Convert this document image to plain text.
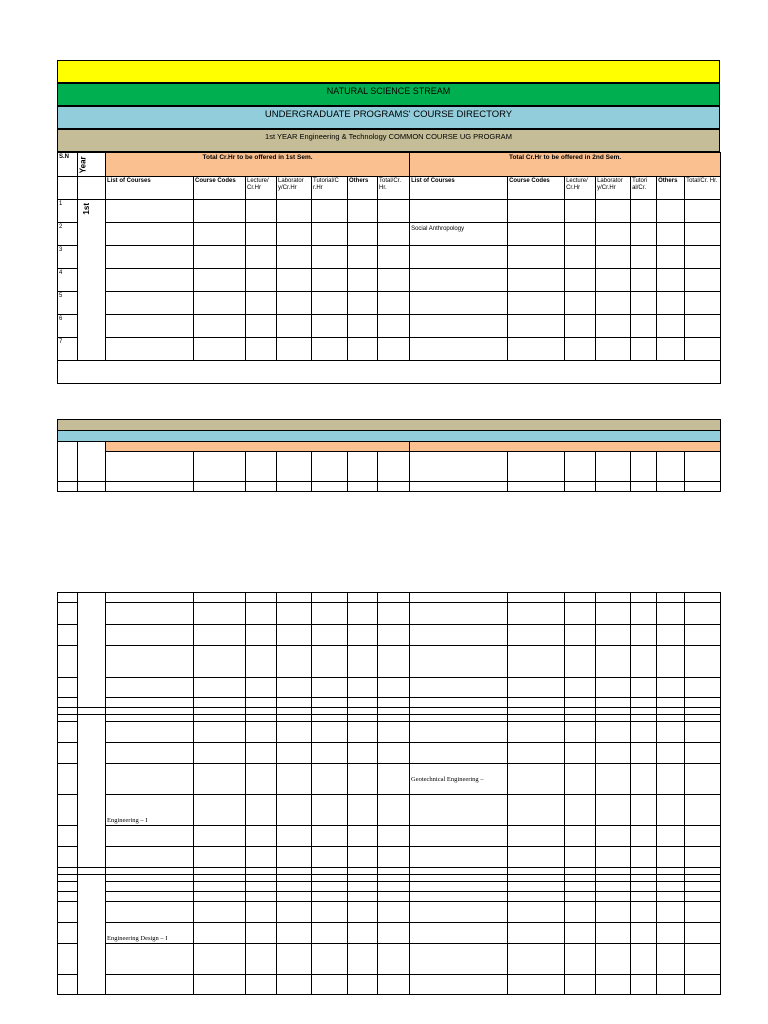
NATURAL SCIENCE STREAM
UNDERGRADUATE PROGRAMS' COURSE DIRECTORY
1st YEAR Engineering & Technology COMMON COURSE UG PROGRAM
S.N	Year	Total Cr.Hr to be offered in 1st Sem.							Total Cr.Hr to be offered in 2nd Sem.						
		List of Courses	Course Codes	Lecture/ Cr.Hr	Laborator y/Cr.Hr	Tutorial/C r.Hr	Others	Total/Cr. Hr.	List of Courses	Course Codes	Lecture/ Cr.Hr	Laborator y/Cr.Hr	Tutori al/Cr.	Others	Total/Cr. Hr.
1	1st														

2									Social Anthropology						
3															
4															
5															
6															
7															

									Geotechnical Engineering –						
		Engineering – I													

		Engineering Design – I													
